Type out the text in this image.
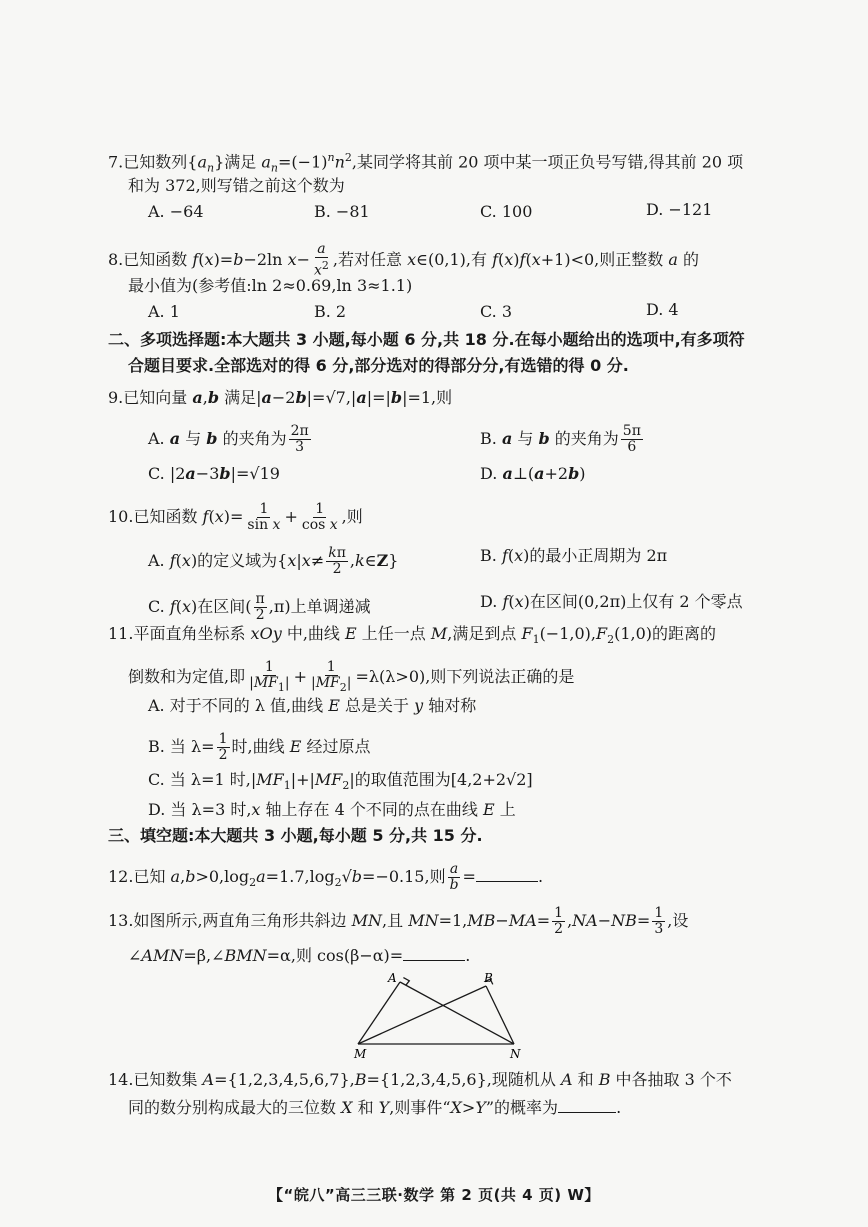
7.已知数列$\{a_n\}$满足 $a_n=(-1)^nn^2$,某同学将其前 20 项中某一项正负号写错,得其前 20 项
和为 372,则写错之前这个数为
A. −64	B. −81	C. 100	D. −121
8.已知函数 f(x)=b−2ln $x- \frac{a}{x^2}$ ,若对任意 x∈(0,1),有 f(x)f(x+1)<0,则正整数 a 的
最小值为(参考值:ln 2≈0.69,ln 3≈1.1)
A. 1	B. 2	C. 3	D. 4
二、多项选择题:本大题共 3 小题,每小题 6 分,共 18 分.在每小题给出的选项中,有多项符
合题目要求.全部选对的得 6 分,部分选对的得部分分,有选错的得 0 分.
9.已知向量 a,b 满足|a−2b|=√7,|a|=|b|=1,则
A. a 与 b 的夹角为 $\frac{2\pi}{3}$	B. a 与 b 的夹角为 $\frac{5\pi}{6}$
C. |2a−3b|=√19	D. a⊥(a+2b)
10.已知函数 $f(x)= \frac{1}{\text{sin x}} + \frac{1}{\text{cos x}}$ ,则
A. f(x)的定义域为{$x|x\ne \frac{k\pi}{2}$ ,k∈Z}	B. f(x)的最小正周期为 2π
C. f(x)在区间( $\frac{\pi}{2} ,\pi$)上单调递减	D. f(x)在区间(0,2π)上仅有 2 个零点
11.平面直角坐标系 xOy 中,曲线 E 上任一点 M,满足到点 $F_1(-1,0),F_2(1,0)$的距离的
倒数和为定值,即 $\frac{1}{|MF_1|} + \frac{1}{|MF_2|} =\lambda(\lambda>0)$,则下列说法正确的是
A. 对于不同的 λ 值,曲线 E 总是关于 y 轴对称
B. 当 $\lambda= \frac{1}{2}$ 时,曲线 E 经过原点
C. 当 λ=1 时$,|MF_1|+|MF_2|$的取值范围为[4,2+2√2]
D. 当 λ=3 时,x 轴上存在 4 个不同的点在曲线 E 上
三、填空题:本大题共 3 小题,每小题 5 分,共 15 分.
12.已知 $a,b>0,\log_2a=1.7,\log_2√b=-0.15$,则 $\frac{a}{b}$ =	.
13.如图所示,两直角三角形共斜边 MN,且 $MN=1,MB-MA= \frac{1}{2} ,NA-NB= \frac{1}{3}$ ,设
∠AMN=β,∠BMN=α,则 cos(β−α)=	.
A	B
M	N
14.已知数集 A={1,2,3,4,5,6,7},B={1,2,3,4,5,6},现随机从 A 和 B 中各抽取 3 个不
同的数分别构成最大的三位数 X 和 Y,则事件“X>Y”的概率为	.
【“皖八”高三三联·数学 第 2 页(共 4 页) W】
